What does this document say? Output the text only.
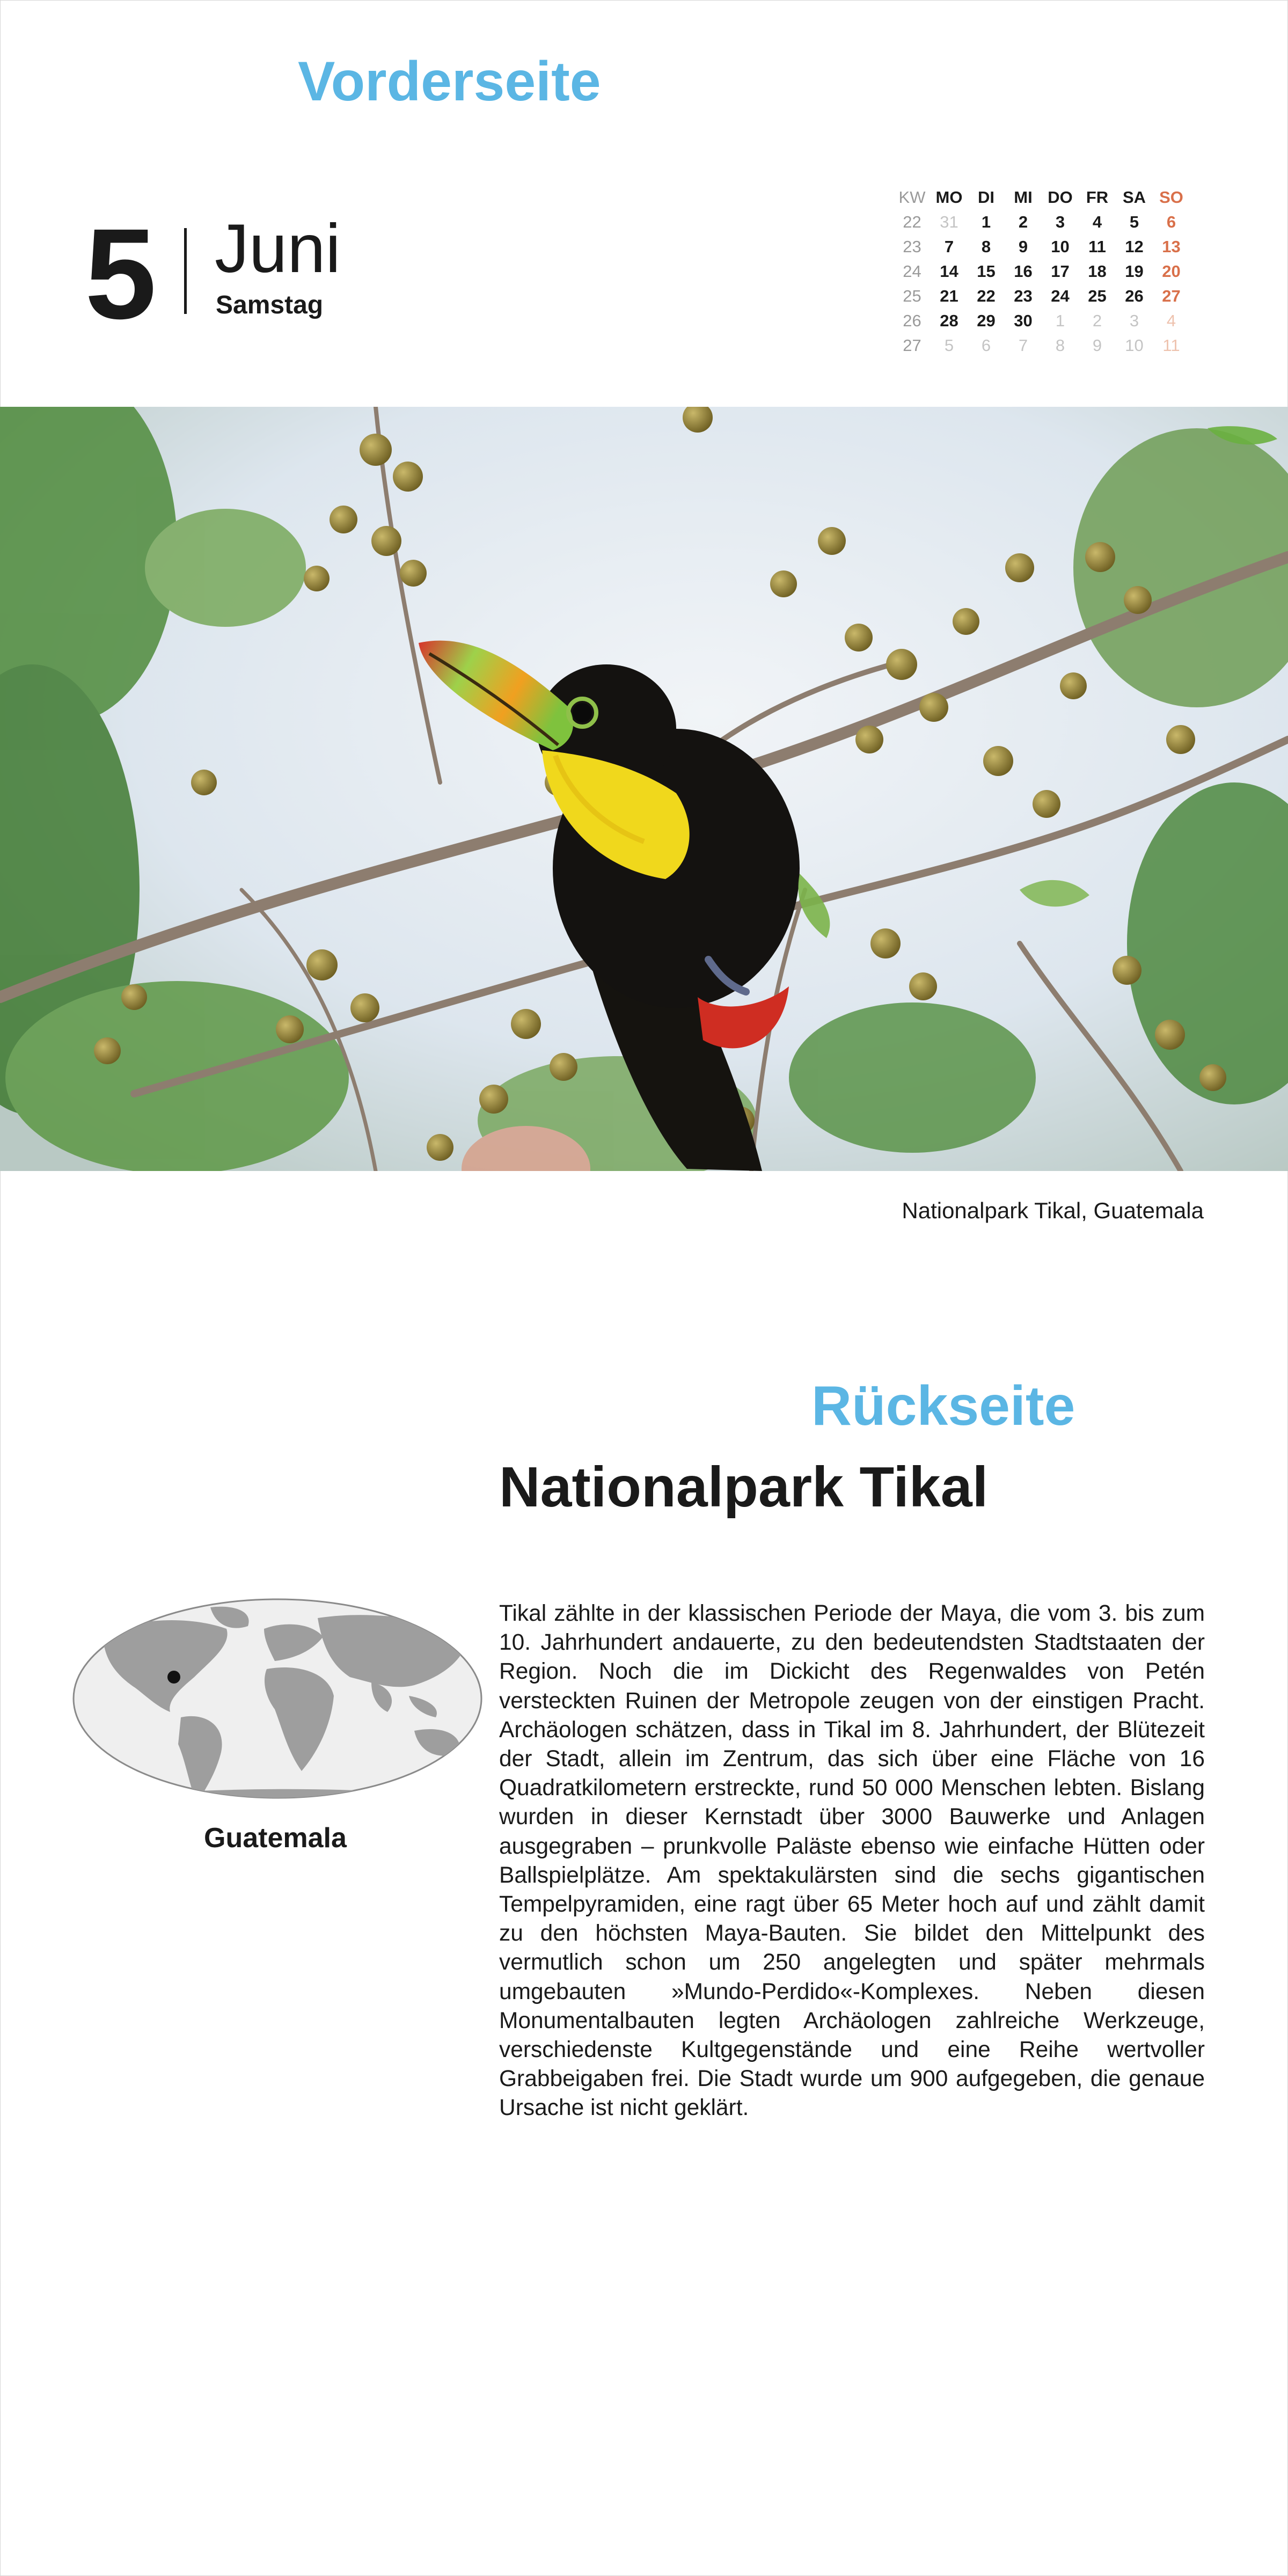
Vorderseite
5 Juni
Samstag
KW	MO	DI	MI	DO	FR	SA	SO
22	31	1	2	3	4	5	6
23	7	8	9	10	11	12	13
24	14	15	16	17	18	19	20
25	21	22	23	24	25	26	27
26	28	29	30	1	2	3	4
27	5	6	7	8	9	10	11
Nationalpark Tikal, Guatemala
Rückseite
Nationalpark Tikal
Guatemala

Tikal zählte in der klassischen Periode der Maya, die vom 3. bis zum 10. Jahrhundert andauerte, zu den bedeutendsten Stadtstaaten der Region. Noch die im Dickicht des Regenwaldes von Petén versteckten Ruinen der Metropole zeugen von der einstigen Pracht. Archäologen schätzen, dass in Tikal im 8. Jahrhundert, der Blütezeit der Stadt, allein im Zentrum, das sich über eine Fläche von 16 Quadratkilometern erstreckte, rund 50 000 Menschen lebten. Bislang wurden in dieser Kernstadt über 3000 Bauwerke und Anlagen ausgegraben – prunkvolle Paläste ebenso wie einfache Hütten oder Ballspielplätze. Am spektakulärsten sind die sechs gigantischen Tempelpyramiden, eine ragt über 65 Meter hoch auf und zählt damit zu den höchsten Maya-Bauten. Sie bildet den Mittelpunkt des vermutlich schon um 250 angelegten und später mehrmals umgebauten »Mundo-Perdido«-Komplexes. Neben diesen Monumentalbauten legten Archäologen zahlreiche Werkzeuge, verschiedenste Kultgegenstände und eine Reihe wertvoller Grabbeigaben frei. Die Stadt wurde um 900 aufgegeben, die genaue Ursache ist nicht geklärt.
